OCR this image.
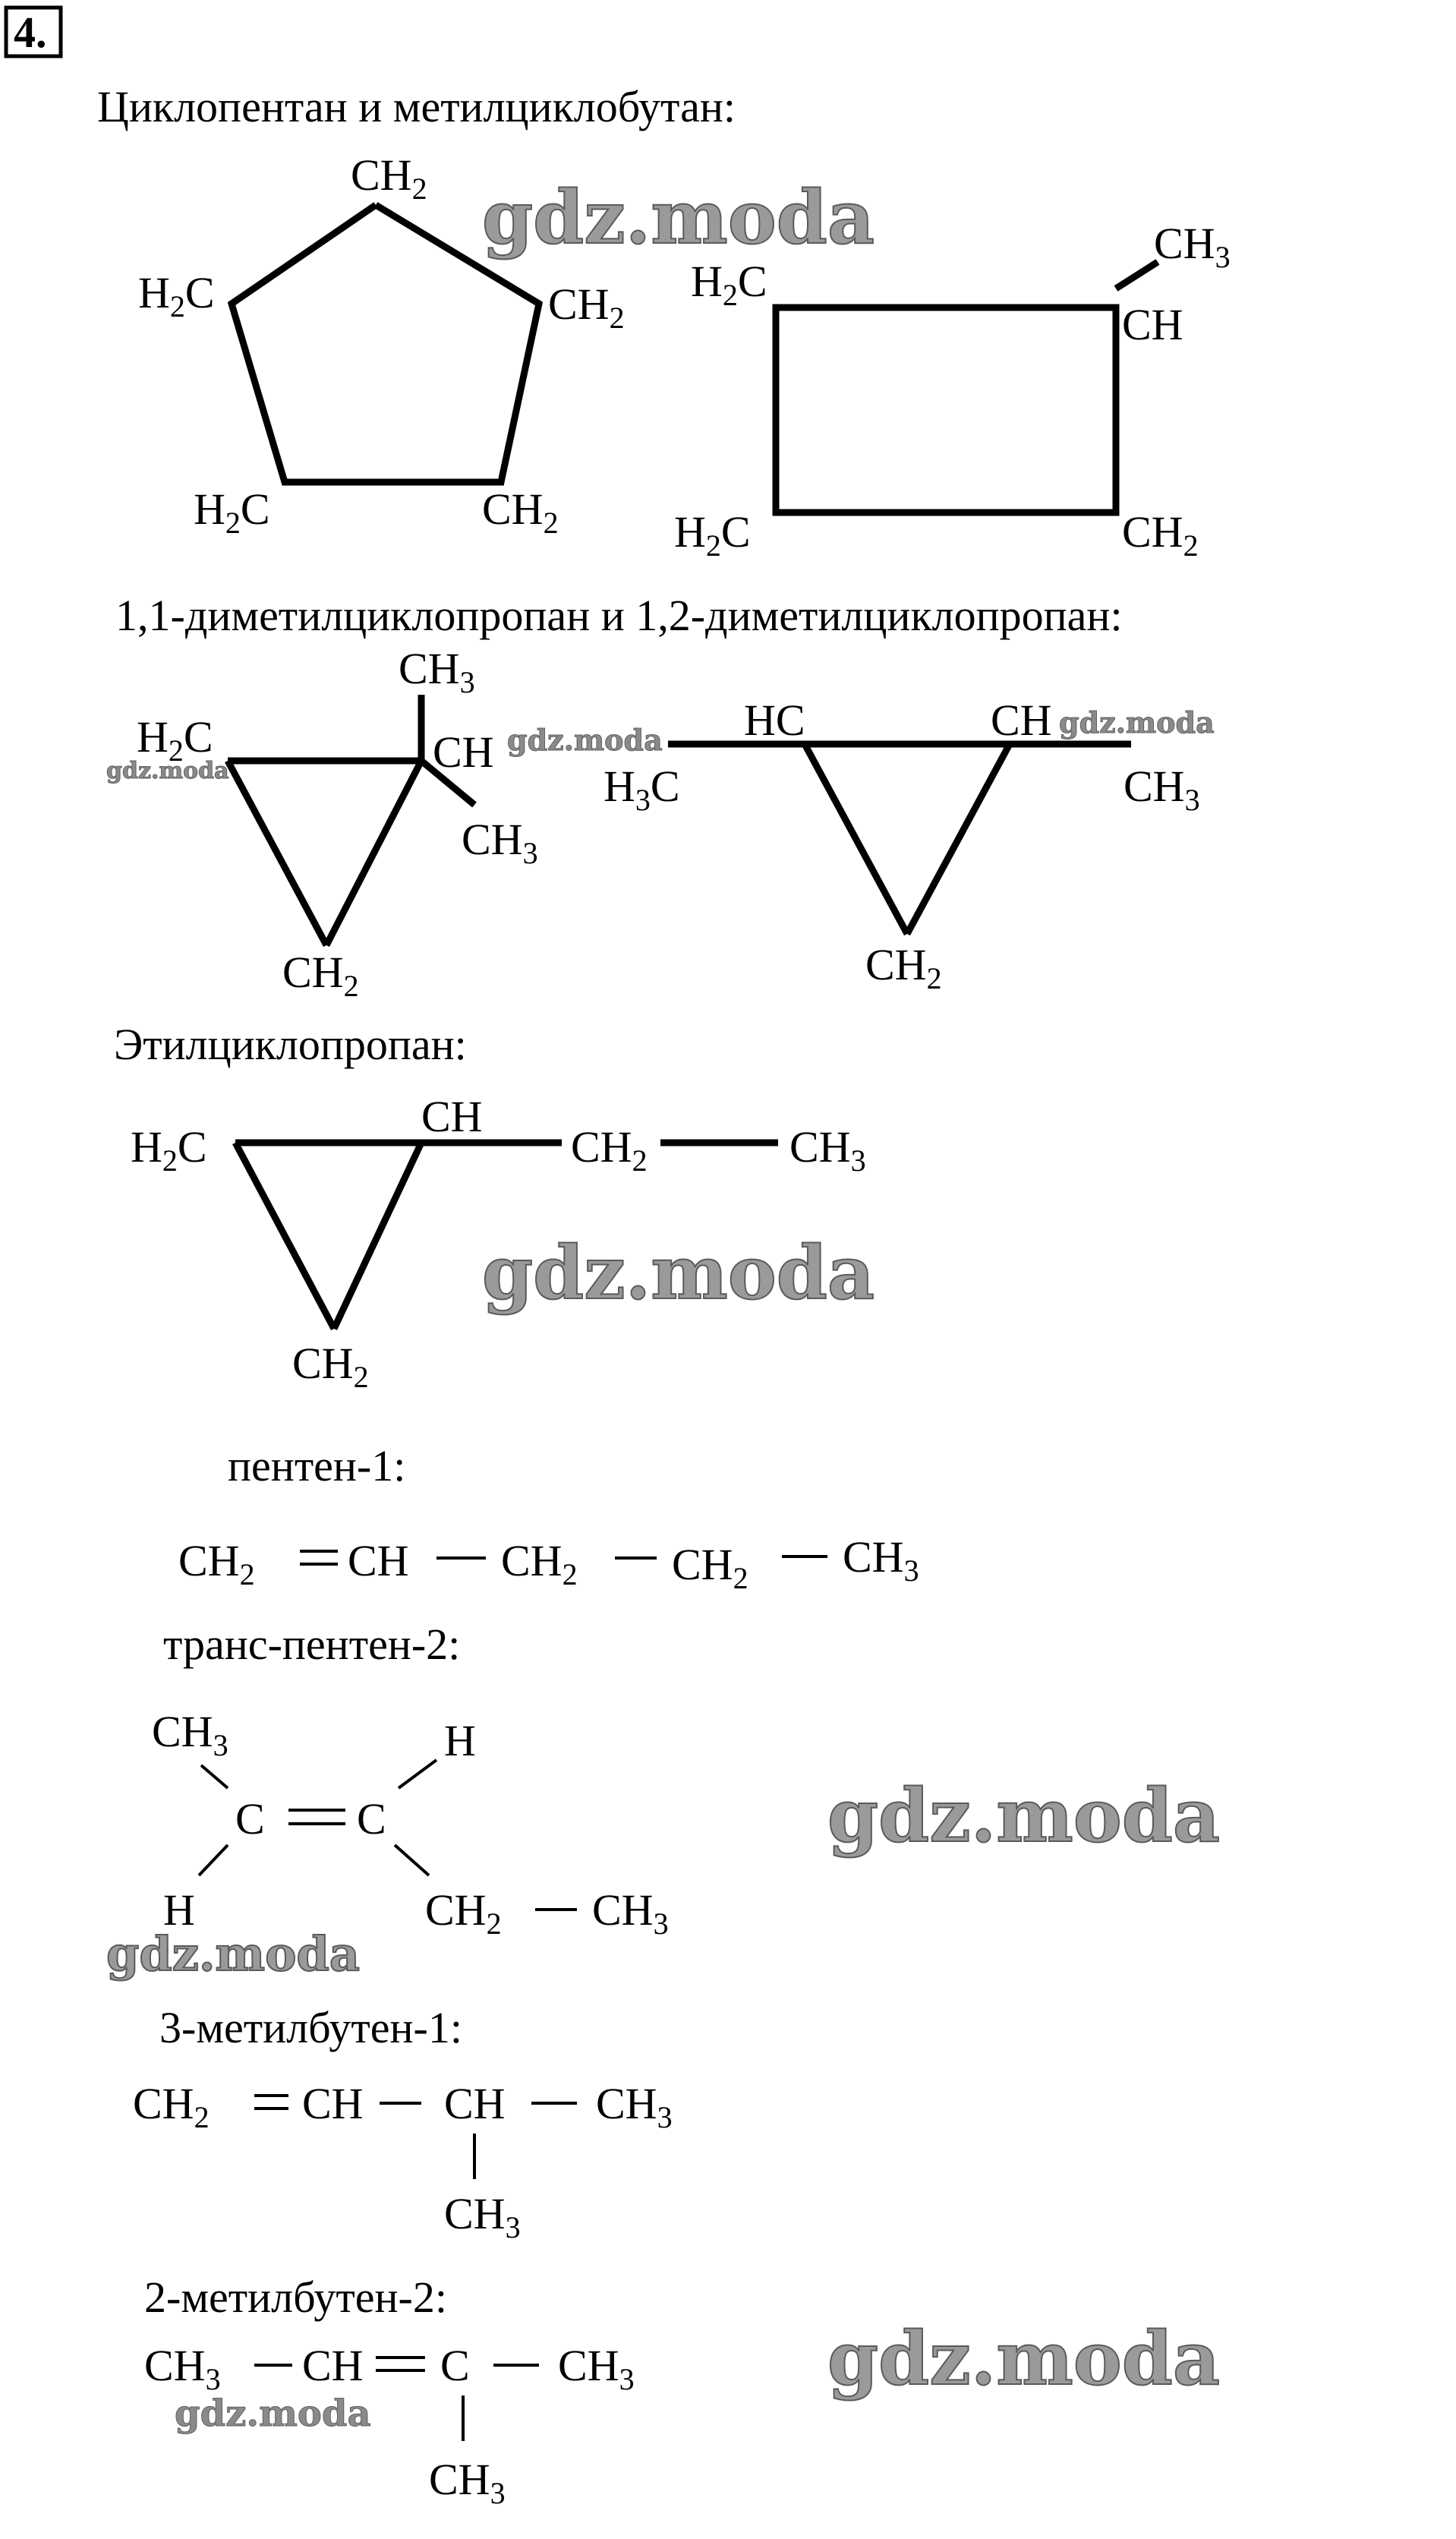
4.
Циклопентан и метилциклобутан:
$CH_2$
$H_2C$	$CH_2$
$H_2C$	$CH_2$
$H_2C$
$CH_3$
CH
$H_2C$	$CH_2$
1,1-диметилциклопропан и 1,2-диметилциклопропан:
$H_2C$
$CH_3$
CH
$CH_3$
$CH_2$
HC
$H_3C$
CH
$CH_3$
$CH_2$
Этилциклопропан:
$H_2C$
CH
$CH_2$	$CH_3$
$CH_2$
пентен-1:
$CH_2$ CH $CH_2$ $CH_2$ $CH_3$
транс-пентен-2:
$CH_3$
C C
H
H	$CH_2$ $CH_3$
3-метилбутен-1:
$CH_2$ CH CH $CH_3$
$CH_3$
2-метилбутен-2:
$CH_3$ CH C $CH_3$
$CH_3$
gdz.moda
gdz.moda
gdz.moda
gdz.moda
gdz.moda
gdz.moda
gdz.moda
gdz.moda
gdz.moda
